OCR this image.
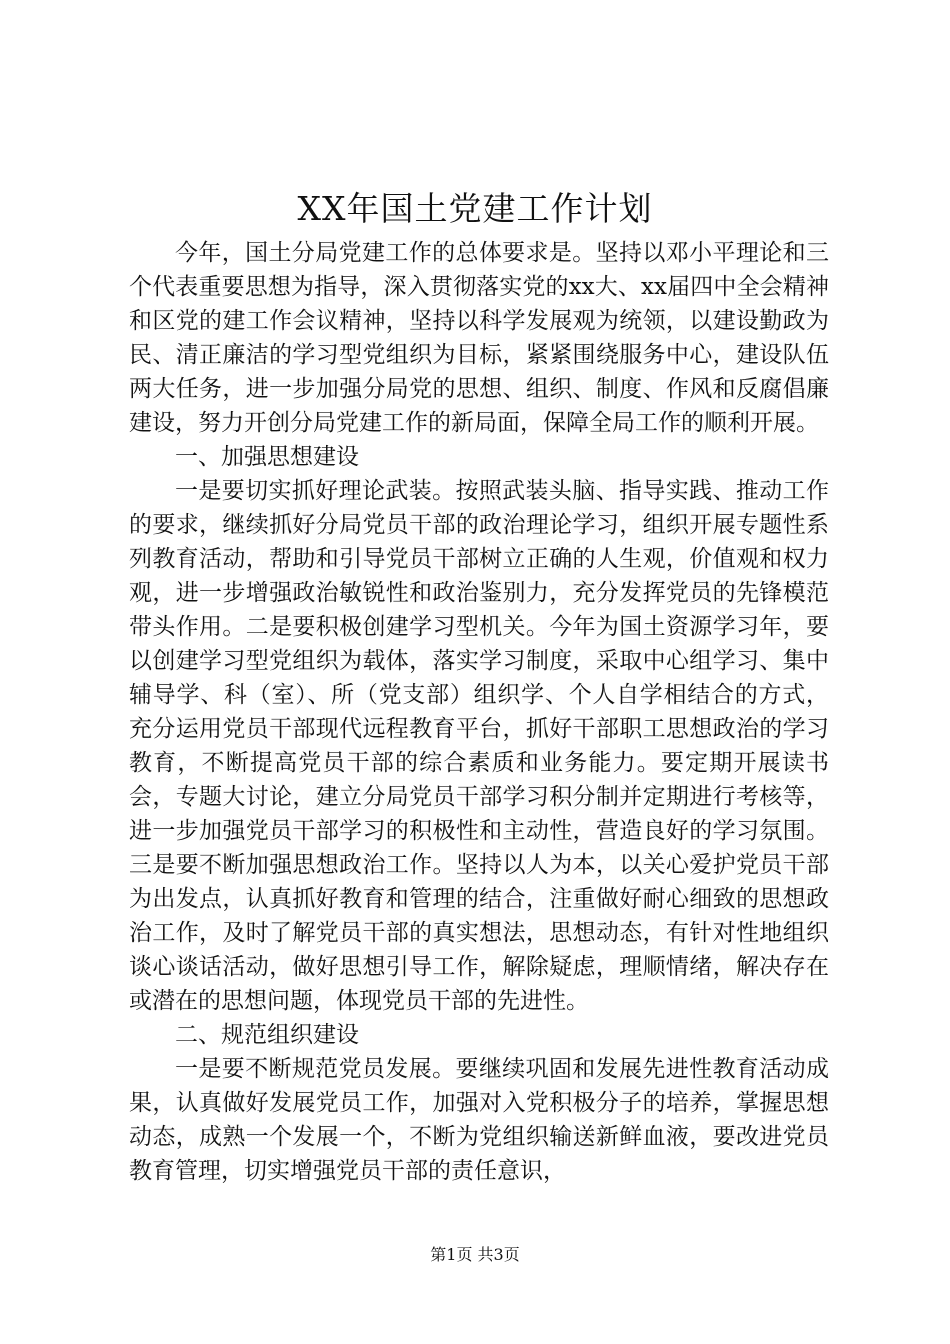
XX年国土党建工作计划

今年，国土分局党建工作的总体要求是。坚持以邓小平理论和三个代表重要思想为指导，深入贯彻落实党的xx大、xx届四中全会精神和区党的建工作会议精神，坚持以科学发展观为统领，以建设勤政为民、清正廉洁的学习型党组织为目标，紧紧围绕服务中心，建设队伍两大任务，进一步加强分局党的思想、组织、制度、作风和反腐倡廉建设，努力开创分局党建工作的新局面，保障全局工作的顺利开展。

一、加强思想建设

一是要切实抓好理论武装。按照武装头脑、指导实践、推动工作的要求，继续抓好分局党员干部的政治理论学习，组织开展专题性系列教育活动，帮助和引导党员干部树立正确的人生观，价值观和权力观，进一步增强政治敏锐性和政治鉴别力，充分发挥党员的先锋模范带头作用。二是要积极创建学习型机关。今年为国土资源学习年，要以创建学习型党组织为载体，落实学习制度，采取中心组学习、集中辅导学、科（室）、所（党支部）组织学、个人自学相结合的方式，充分运用党员干部现代远程教育平台，抓好干部职工思想政治的学习教育，不断提高党员干部的综合素质和业务能力。要定期开展读书会，专题大讨论，建立分局党员干部学习积分制并定期进行考核等，进一步加强党员干部学习的积极性和主动性，营造良好的学习氛围。三是要不断加强思想政治工作。坚持以人为本，以关心爱护党员干部为出发点，认真抓好教育和管理的结合，注重做好耐心细致的思想政治工作，及时了解党员干部的真实想法，思想动态，有针对性地组织谈心谈话活动，做好思想引导工作，解除疑虑，理顺情绪，解决存在或潜在的思想问题，体现党员干部的先进性。

二、规范组织建设

一是要不断规范党员发展。要继续巩固和发展先进性教育活动成果，认真做好发展党员工作，加强对入党积极分子的培养，掌握思想动态，成熟一个发展一个，不断为党组织输送新鲜血液，要改进党员教育管理，切实增强党员干部的责任意识，

第1页 共3页
